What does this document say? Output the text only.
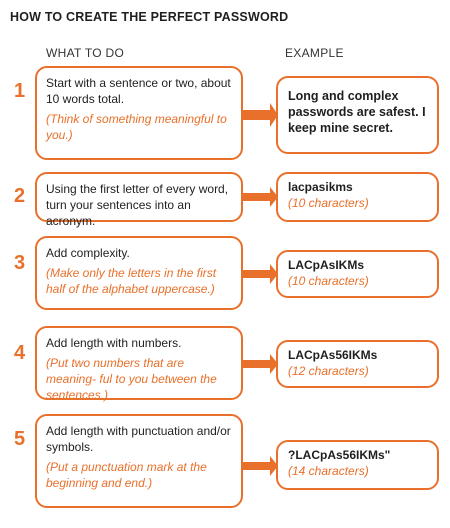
HOW TO CREATE THE PERFECT PASSWORD
WHAT TO DO	EXAMPLE
1 Start with a sentence or two, about 10 words total.
(Think of something meaningful to you.)
Long and complex passwords are safest. I keep mine secret.
2 Using the first letter of every word, turn your sentences into an acronym.
lacpasikms
(10 characters)
3 Add complexity.
(Make only the letters in the first half of the alphabet uppercase.)
LACpAsIKMs
(10 characters)
4 Add length with numbers.
(Put two numbers that are meaning- ful to you between the sentences.)
LACpAs56IKMs
(12 characters)
5 Add length with punctuation and/or symbols.
(Put a punctuation mark at the beginning and end.)
?LACpAs56IKMs"
(14 characters)
